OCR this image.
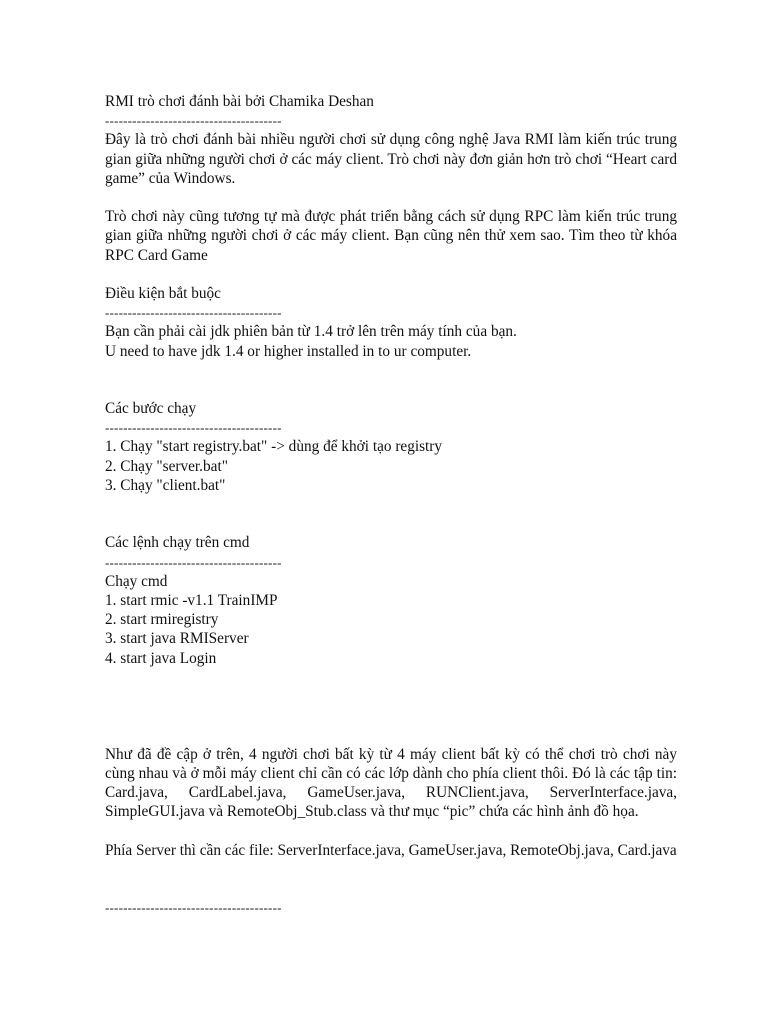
RMI trò chơi đánh bài bởi Chamika Deshan
---------------------------------------
Đây là trò chơi đánh bài nhiều người chơi sử dụng công nghệ Java RMI làm kiến trúc trung gian giữa những người chơi ở các máy client. Trò chơi này đơn giản hơn trò chơi “Heart card game” của Windows.
Trò chơi này cũng tương tự mà được phát triển bằng cách sử dụng RPC làm kiến trúc trung gian giữa những người chơi ở các máy client. Bạn cũng nên thử xem sao. Tìm theo từ khóa RPC Card Game
Điều kiện bắt buộc
---------------------------------------
Bạn cần phải cài jdk phiên bản từ 1.4 trở lên trên máy tính của bạn.
U need to have jdk 1.4 or higher installed in to ur computer.
Các bước chạy
---------------------------------------
1. Chạy "start registry.bat" -> dùng để khởi tạo registry
2. Chạy "server.bat"
3. Chạy "client.bat"
Các lệnh chạy trên cmd
---------------------------------------
Chạy cmd
1. start rmic -v1.1 TrainIMP
2. start rmiregistry
3. start java RMIServer
4. start java Login
Như đã đề cập ở trên, 4 người chơi bất kỳ từ 4 máy client bất kỳ có thể chơi trò chơi này cùng nhau và ở mỗi máy client chỉ cần có các lớp dành cho phía client thôi. Đó là các tập tin: Card.java, CardLabel.java, GameUser.java, RUNClient.java, ServerInterface.java, SimpleGUI.java và RemoteObj_Stub.class và thư mục “pic” chứa các hình ảnh đồ họa.
Phía Server thì cần các file: ServerInterface.java, GameUser.java, RemoteObj.java, Card.java
---------------------------------------
